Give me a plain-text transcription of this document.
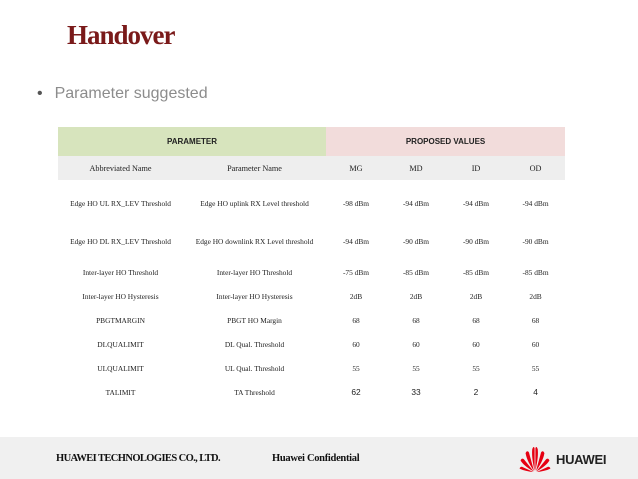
Handover
• Parameter suggested
PARAMETER		PROPOSED VALUES			
Abbreviated Name	Parameter Name	MG	MD	ID	OD

Edge HO UL RX_LEV Threshold	Edge HO uplink RX Level threshold	-98 dBm	-94 dBm	-94 dBm	-94 dBm
Edge HO DL RX_LEV Threshold	Edge HO downlink RX Level threshold	-94 dBm	-90 dBm	-90 dBm	-90 dBm
Inter-layer HO Threshold	Inter-layer HO Threshold	-75 dBm	-85 dBm	-85 dBm	-85 dBm
Inter-layer HO Hysteresis	Inter-layer HO Hysteresis	2dB	2dB	2dB	2dB
PBGTMARGIN	PBGT HO Margin	68	68	68	68
DLQUALIMIT	DL Qual. Threshold	60	60	60	60
ULQUALIMIT	UL Qual. Threshold	55	55	55	55
TALIMIT	TA Threshold	62	33	2	4
HUAWEI TECHNOLOGIES CO., LTD.	Huawei Confidential	HUAWEI
